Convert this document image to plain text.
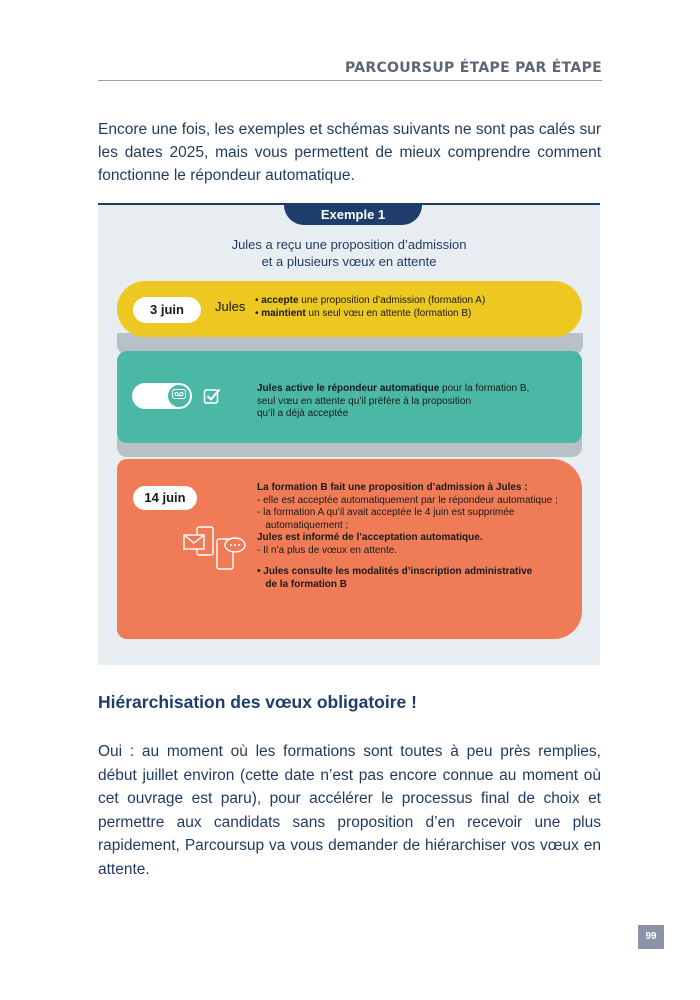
PARCOURSUP ÉTAPE PAR ÉTAPE

Encore une fois, les exemples et schémas suivants ne sont pas calés sur les dates 2025, mais vous permettent de mieux comprendre comment fonctionne le répondeur automatique.

Exemple 1
Jules a reçu une proposition d’admission
et a plusieurs vœux en attente
3 juin	Jules • accepte une proposition d’admission (formation A)
• maintient un seul vœu en attente (formation B)
Jules active le répondeur automatique pour la formation B,
seul vœu en attente qu’il préfère à la proposition
qu’il a déjà acceptée
14 juin
La formation B fait une proposition d’admission à Jules :
- elle est acceptée automatiquement par le répondeur automatique ;
- la formation A qu’il avait acceptée le 4 juin est supprimée
automatiquement ;
Jules est informé de l’acceptation automatique.
- Il n’a plus de vœux en attente.
• Jules consulte les modalités d’inscription administrative
de la formation B
Hiérarchisation des vœux obligatoire !

Oui : au moment où les formations sont toutes à peu près remplies, début juillet environ (cette date n’est pas encore connue au moment où cet ouvrage est paru), pour accélérer le processus final de choix et permettre aux candidats sans proposition d’en recevoir une plus rapidement, Parcoursup va vous demander de hiérarchiser vos vœux en attente.

99
